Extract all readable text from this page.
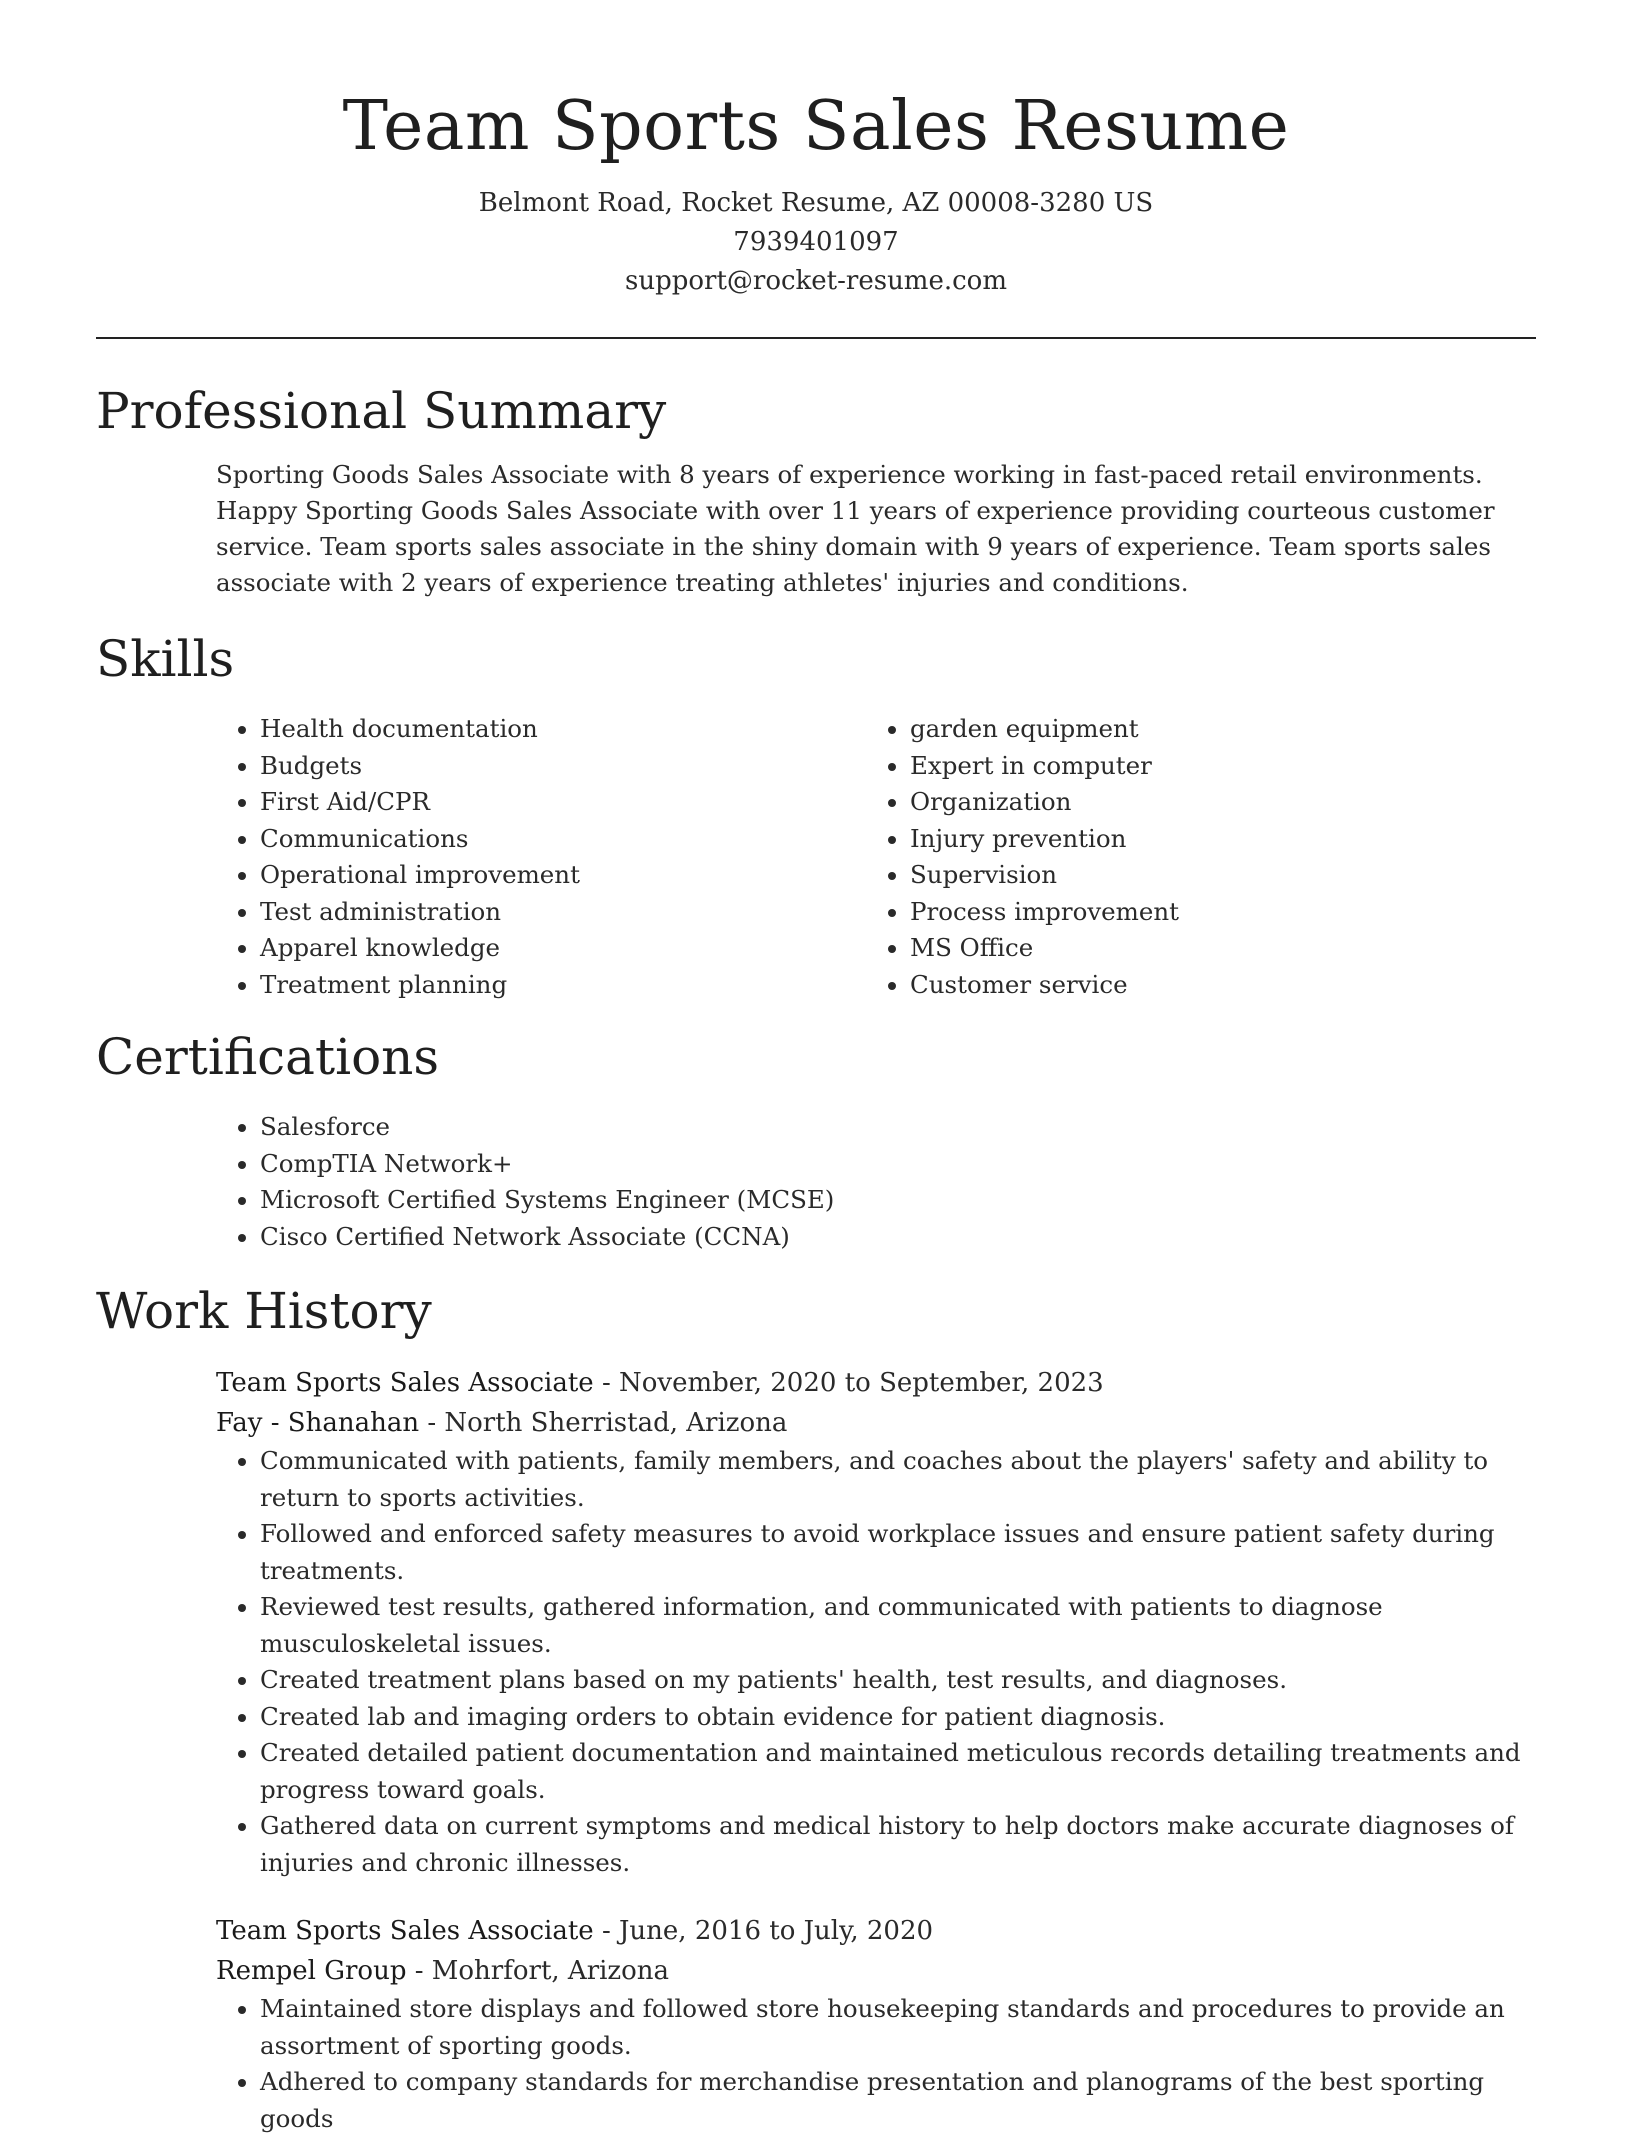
Team Sports Sales Resume
Belmont Road, Rocket Resume, AZ 00008-3280 US
7939401097
support@rocket-resume.com
Professional Summary

Sporting Goods Sales Associate with 8 years of experience working in fast-paced retail environments. Happy Sporting Goods Sales Associate with over 11 years of experience providing courteous customer service. Team sports sales associate in the shiny domain with 9 years of experience. Team sports sales associate with 2 years of experience treating athletes' injuries and conditions.

Skills
• Health documentation
• Budgets
• First Aid/CPR
• Communications
• Operational improvement
• Test administration
• Apparel knowledge
• Treatment planning
• garden equipment
• Expert in computer
• Organization
• Injury prevention
• Supervision
• Process improvement
• MS Office
• Customer service
Certifications
• Salesforce
• CompTIA Network+
• Microsoft Certified Systems Engineer (MCSE)
• Cisco Certified Network Associate (CCNA)
Work History
Team Sports Sales Associate - November, 2020 to September, 2023
Fay - Shanahan - North Sherristad, Arizona
• Communicated with patients, family members, and coaches about the players' safety and ability to return to sports activities.
• Followed and enforced safety measures to avoid workplace issues and ensure patient safety during treatments.
• Reviewed test results, gathered information, and communicated with patients to diagnose musculoskeletal issues.
• Created treatment plans based on my patients' health, test results, and diagnoses.
• Created lab and imaging orders to obtain evidence for patient diagnosis.
• Created detailed patient documentation and maintained meticulous records detailing treatments and progress toward goals.
• Gathered data on current symptoms and medical history to help doctors make accurate diagnoses of injuries and chronic illnesses.
Team Sports Sales Associate - June, 2016 to July, 2020
Rempel Group - Mohrfort, Arizona
• Maintained store displays and followed store housekeeping standards and procedures to provide an assortment of sporting goods.
• Adhered to company standards for merchandise presentation and planograms of the best sporting goods
